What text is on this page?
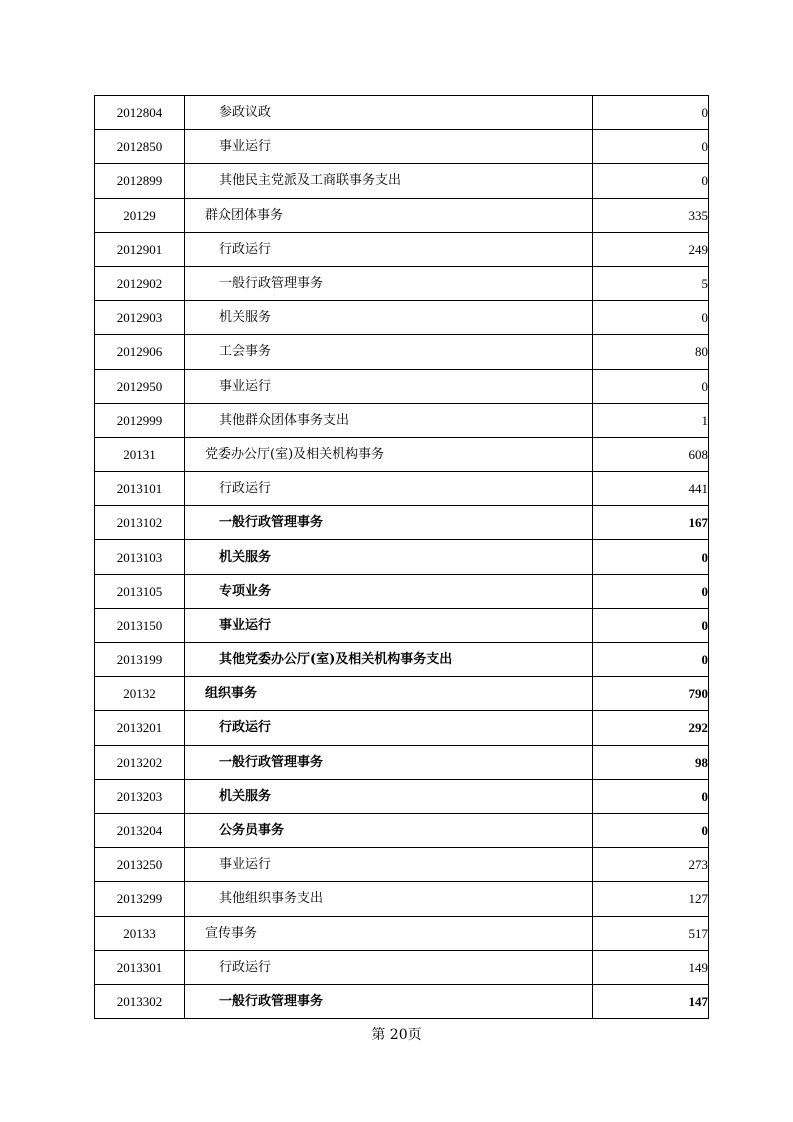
2012804	参政议政	0
2012850	事业运行	0
2012899	其他民主党派及工商联事务支出	0
20129	群众团体事务	335
2012901	行政运行	249
2012902	一般行政管理事务	5
2012903	机关服务	0
2012906	工会事务	80
2012950	事业运行	0
2012999	其他群众团体事务支出	1
20131	党委办公厅(室)及相关机构事务	608
2013101	行政运行	441
2013102	一般行政管理事务	167
2013103	机关服务	0
2013105	专项业务	0
2013150	事业运行	0
2013199	其他党委办公厅(室)及相关机构事务支出	0
20132	组织事务	790
2013201	行政运行	292
2013202	一般行政管理事务	98
2013203	机关服务	0
2013204	公务员事务	0
2013250	事业运行	273
2013299	其他组织事务支出	127
20133	宣传事务	517
2013301	行政运行	149
2013302	一般行政管理事务	147
第 20页
